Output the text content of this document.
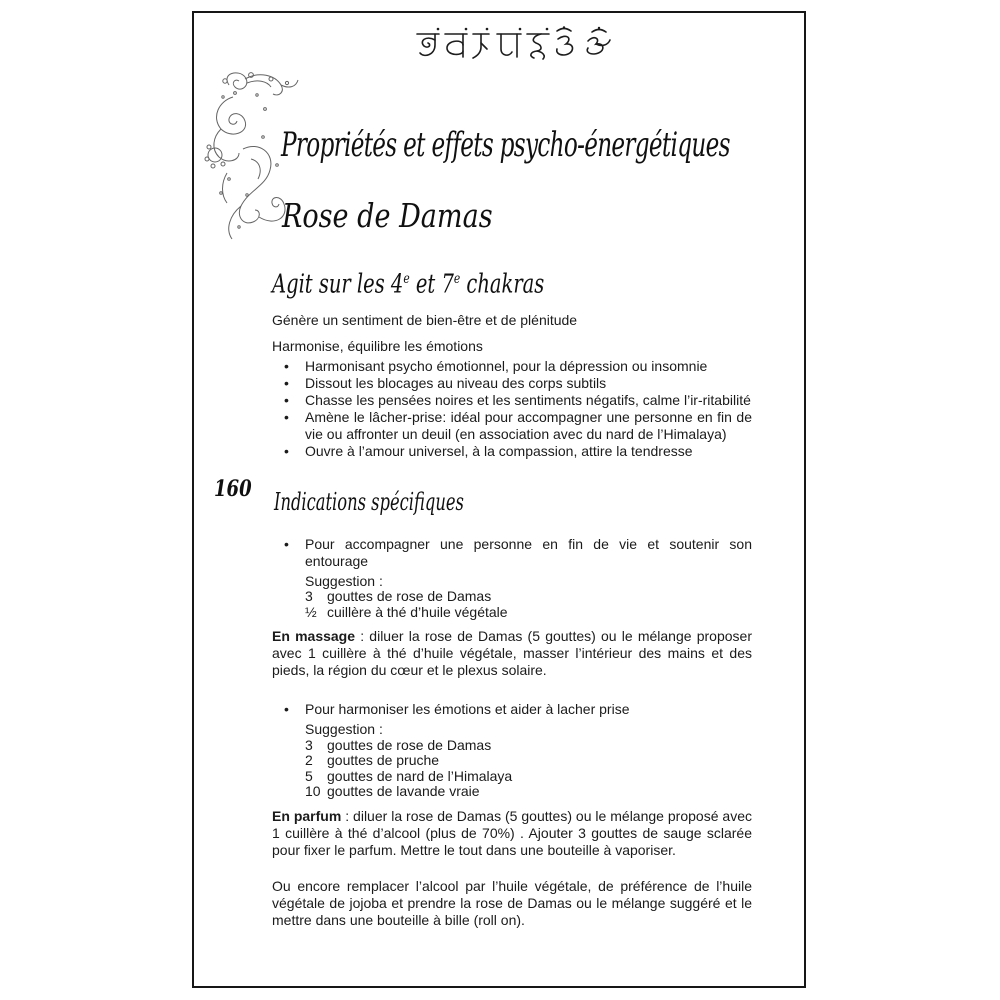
Propriétés et effets psycho-énergétiques
Rose de Damas
160
Agit sur les 4e et 7e chakras

Génère un sentiment de bien-être et de plénitude

Harmonise, équilibre les émotions

• Harmonisant psycho émotionnel, pour la dépression ou insomnie
• Dissout les blocages au niveau des corps subtils
• Chasse les pensées noires et les sentiments négatifs, calme l’ir-ritabilité
• Amène le lâcher-prise: idéal pour accompagner une personne en fin de vie ou affronter un deuil (en association avec du nard de l’Himalaya)
• Ouvre à l’amour universel, à la compassion, attire la tendresse
Indications spécifiques
• Pour accompagner une personne en fin de vie et soutenir son entourage
Suggestion :
3	gouttes de rose de Damas
½ cuillère à thé d’huile végétale

En massage : diluer la rose de Damas (5 gouttes) ou le mélange proposer avec 1 cuillère à thé d’huile végétale, masser l’intérieur des mains et des pieds, la région du cœur et le plexus solaire.

• Pour harmoniser les émotions et aider à lacher prise
Suggestion :
3	gouttes de rose de Damas
2	gouttes de pruche
5	gouttes de nard de l’Himalaya
10 gouttes de lavande vraie

En parfum : diluer la rose de Damas (5 gouttes) ou le mélange proposé avec 1 cuillère à thé d’alcool (plus de 70%) . Ajouter 3 gouttes de sauge sclarée pour fixer le parfum. Mettre le tout dans une bouteille à vaporiser.

Ou encore remplacer l’alcool par l’huile végétale, de préférence de l’huile végétale de jojoba et prendre la rose de Damas ou le mélange suggéré et le mettre dans une bouteille à bille (roll on).
